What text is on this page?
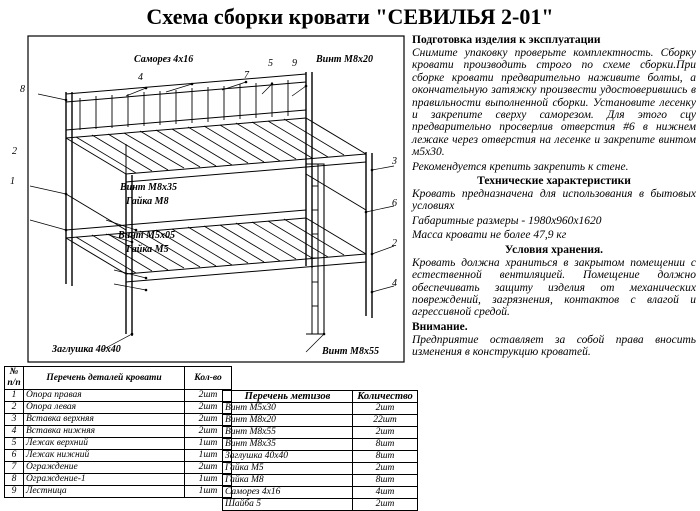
Схема сборки кровати "СЕВИЛЬЯ 2-01"
8
4	7
5 9
2
1
3
6
2
4
Саморез 4х16	Винт М8х20
Винт М8х35
Гайка М8
Винт М5х05
Гайка М5
Заглушка 40х40	Винт М8х55
Подготовка изделия к эксплуатации

Снимите упаковку проверьте комплектность. Сборку кровати производить строго по схеме сборки.При сборке кровати предварительно наживите болты, а окончательную затяжку произвести удостоверившись в правильности выполненной сборки. Установите лесенку и закрепите сверху саморезом. Для этого сцу предварительно просверлив отверстия #6 в нижнем лежаке через отверстия на лесенке и закрепите винтом м5х30.

Рекомендуется крепить закрепить к стене.

Технические характеристики

Кровать предназначена для использования в бытовых условиях

Габаритные размеры - 1980х960х1620

Масса кровати не более 47,9 кг

Условия хранения.

Кровать должна храниться в закрытом помещении с естественной вентиляцией. Помещение должно обеспечивать защиту изделия от механических повреждений, загрязнения, контактов с влагой и агрессивной средой.

Внимание.

Предприятие оставляет за собой права вносить изменения в конструкцию кроватей.

№ п/п	Перечень деталей кровати	Кол-во
1	Опора правая	2шт
2	Опора левая	2шт
3	Вставка верхняя	2шт
4	Вставка нижняя	2шт
5	Лежак верхний	1шт
6	Лежак нижний	1шт
7	Ограждение	2шт
8	Ограждение-1	1шт
9	Лестница	1шт
Перечень метизов	Количество
Винт М5х30	2шт
Винт М8х20	22шт
Винт М8х55	2шт
Винт М8х35	8шт
Заглушка 40х40	8шт
Гайка М5	2шт
Гайка М8	8шт
Саморез 4х16	4шт
Шайба 5	2шт
